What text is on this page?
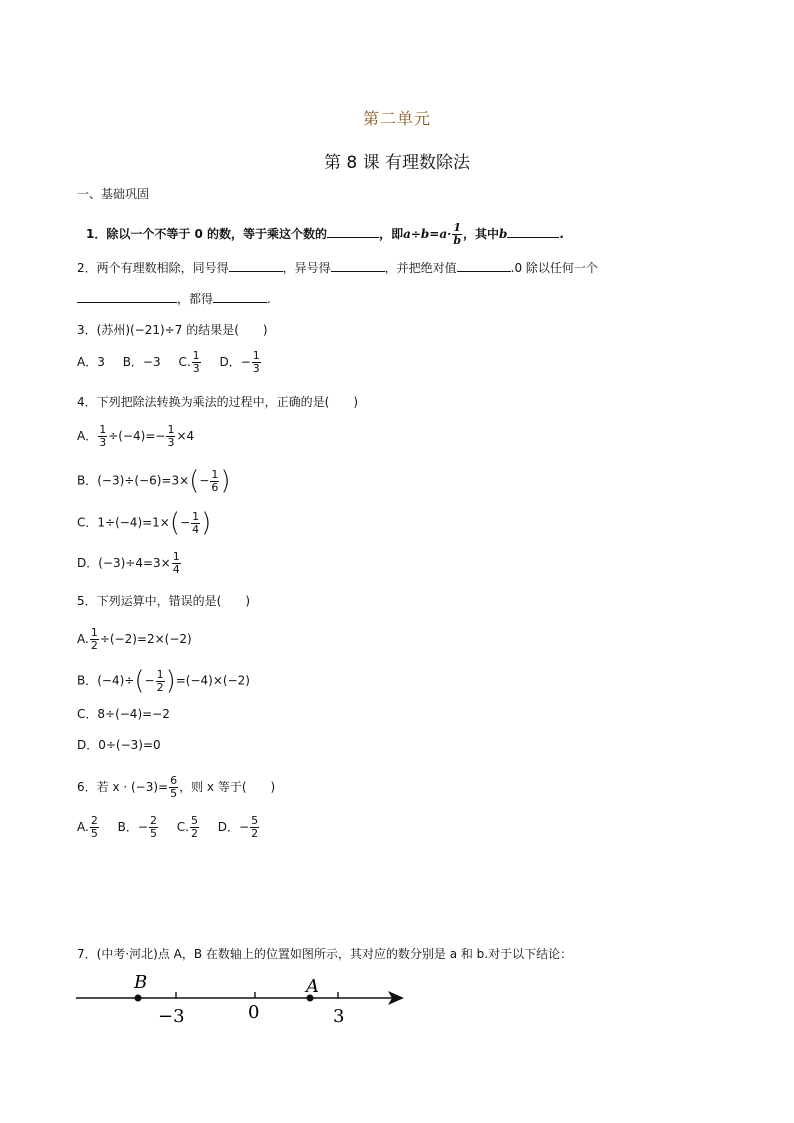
第二单元
第 8 课 有理数除法
一、基础巩固
1．除以一个不等于 0 的数，等于乘这个数的	，即$a\div b=a\cdot \frac{1}{b}$ ，其中b	.
2．两个有理数相除，同号得	，异号得	，并把绝对值	.0 除以任何一个
，都得	.
3．(苏州)(−21)÷7 的结果是(　　)
A．3 B．−3 C. $\frac{1}{3}$ D．− $\frac{1}{3}$
4．下列把除法转换为乘法的过程中，正确的是(　　)
A． $\frac{1}{3} \div(-4)=- \frac{1}{3} \times 4$
B．$(-3)\div(-6)=3\times(- \frac{1}{6}$ )
C．$1\div(-4)=1\times(- \frac{1}{4}$ )
D．$(-3)\div 4=3\times \frac{1}{4}$
5．下列运算中，错误的是(　　)
A. $\frac{1}{2} \div(-2)=2\times(-2)$
B．$(-4)\div(- \frac{1}{2} )=(-4)\times(-2)$
C．8÷(−4)=−2
D．0÷(−3)=0
6．若 $x \cdot (-3)= \frac{6}{5}$ ，则 x 等于(　　)
A. $\frac{2}{5}$ B．− $\frac{2}{5} C$. $\frac{5}{2}$ D．− $\frac{5}{2}$
7．(中考·河北)点 A，B 在数轴上的位置如图所示，其对应的数分别是 a 和 b.对于以下结论：
B	A
−3	0	3
